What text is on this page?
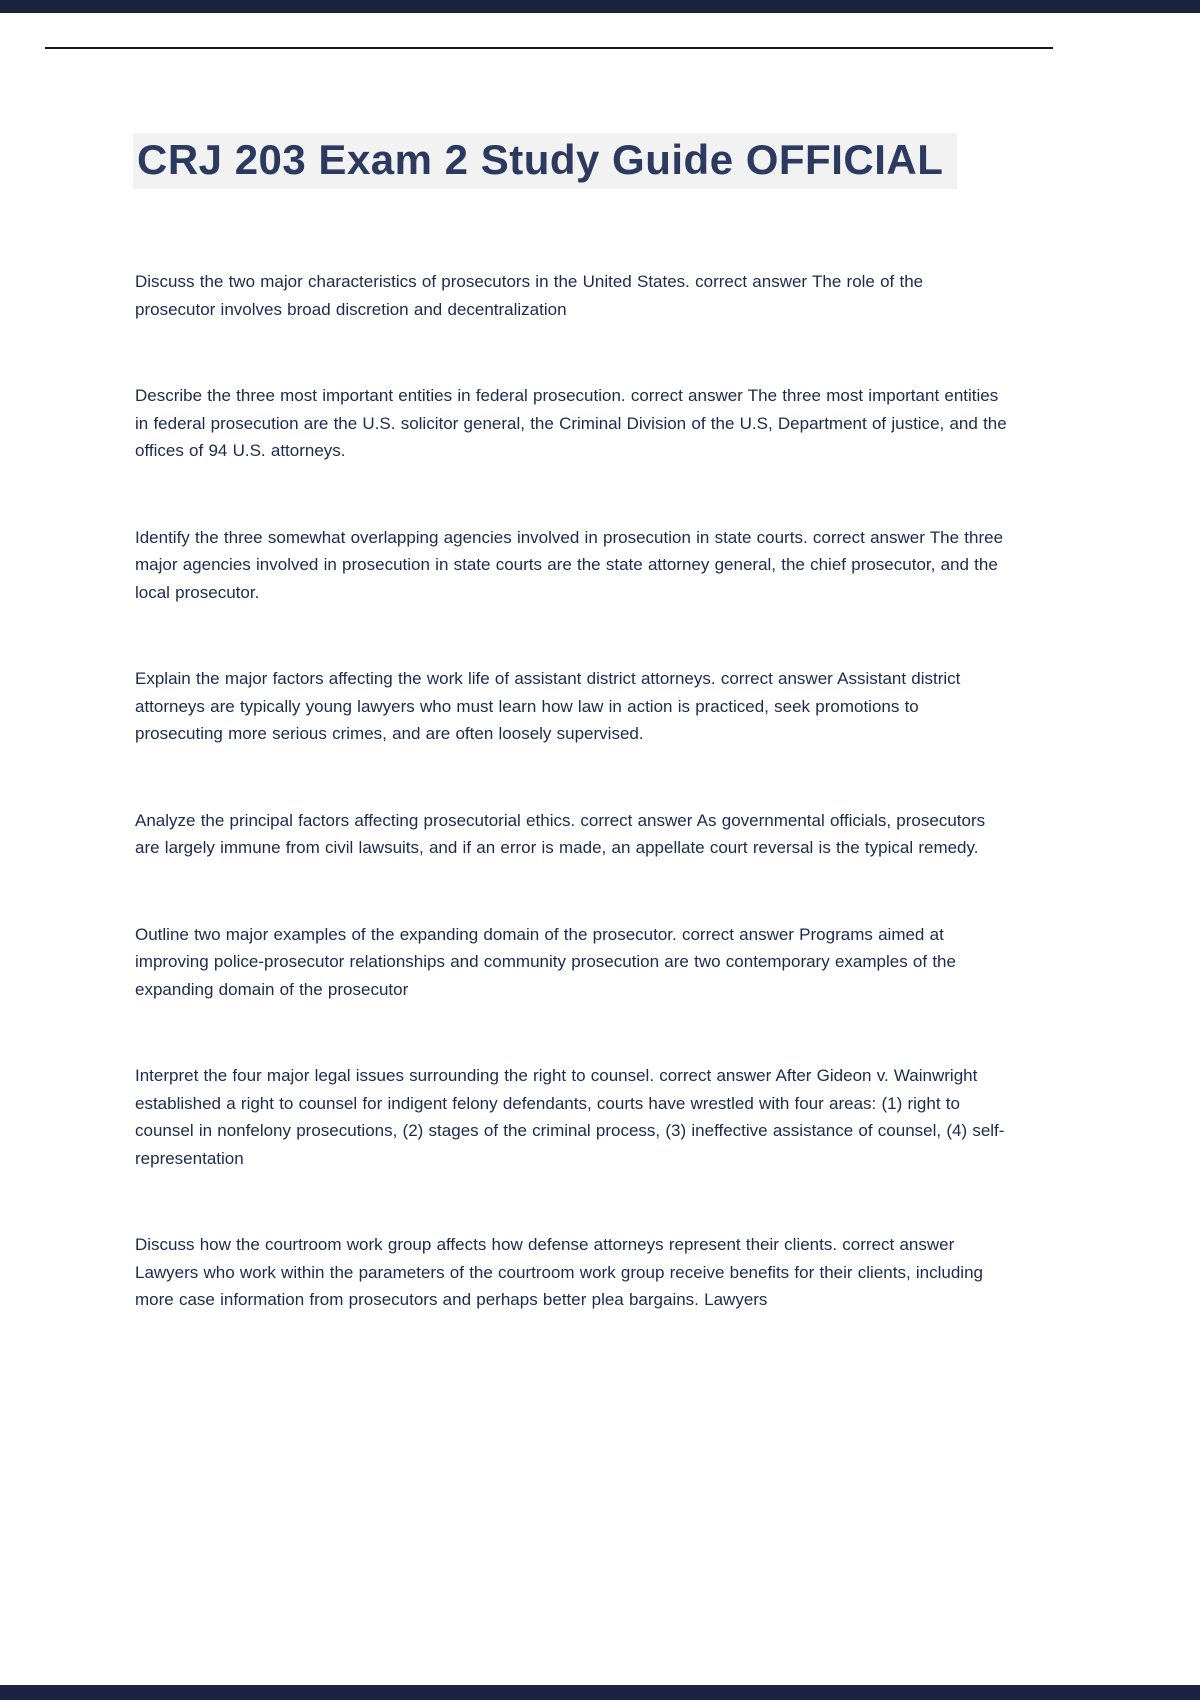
CRJ 203 Exam 2 Study Guide OFFICIAL

Discuss the two major characteristics of prosecutors in the United States. correct answer The role of the prosecutor involves broad discretion and decentralization

Describe the three most important entities in federal prosecution. correct answer The three most important entities in federal prosecution are the U.S. solicitor general, the Criminal Division of the U.S, Department of justice, and the offices of 94 U.S. attorneys.

Identify the three somewhat overlapping agencies involved in prosecution in state courts. correct answer The three major agencies involved in prosecution in state courts are the state attorney general, the chief prosecutor, and the local prosecutor.

Explain the major factors affecting the work life of assistant district attorneys. correct answer Assistant district attorneys are typically young lawyers who must learn how law in action is practiced, seek promotions to prosecuting more serious crimes, and are often loosely supervised.

Analyze the principal factors affecting prosecutorial ethics. correct answer As governmental officials, prosecutors are largely immune from civil lawsuits, and if an error is made, an appellate court reversal is the typical remedy.

Outline two major examples of the expanding domain of the prosecutor. correct answer Programs aimed at improving police-prosecutor relationships and community prosecution are two contemporary examples of the expanding domain of the prosecutor

Interpret the four major legal issues surrounding the right to counsel. correct answer After Gideon v. Wainwright established a right to counsel for indigent felony defendants, courts have wrestled with four areas: (1) right to counsel in nonfelony prosecutions, (2) stages of the criminal process, (3) ineffective assistance of counsel, (4) self-representation

Discuss how the courtroom work group affects how defense attorneys represent their clients. correct answer Lawyers who work within the parameters of the courtroom work group receive benefits for their clients, including more case information from prosecutors and perhaps better plea bargains. Lawyers
